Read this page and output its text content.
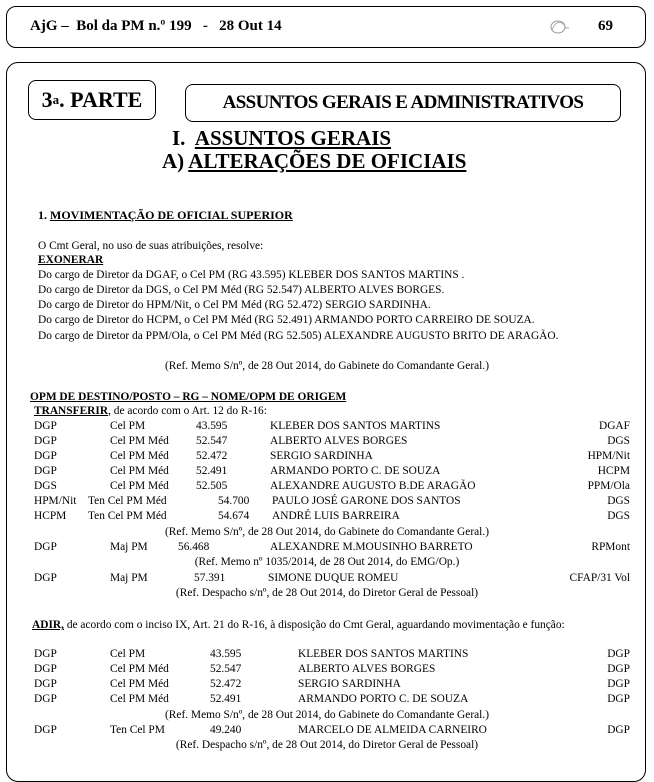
AjG –  Bol da PM n.º 199   -   28 Out 14	69
3 a . PARTE	ASSUNTOS GERAIS E ADMINISTRATIVOS
I. ASSUNTOS GERAIS
A) ALTERAÇÕES DE OFICIAIS
1. MOVIMENTAÇÃO DE OFICIAL SUPERIOR
O Cmt Geral, no uso de suas atribuições, resolve:
EXONERAR
Do cargo de Diretor da DGAF, o Cel PM (RG 43.595) KLEBER DOS SANTOS MARTINS .
Do cargo de Diretor da DGS, o Cel PM Méd (RG 52.547) ALBERTO ALVES BORGES.
Do cargo de Diretor do HPM/Nit, o Cel PM Méd (RG 52.472) SERGIO SARDINHA.
Do cargo de Diretor do HCPM, o Cel PM Méd (RG 52.491) ARMANDO PORTO CARREIRO DE SOUZA.
Do cargo de Diretor da PPM/Ola, o Cel PM Méd (RG 52.505) ALEXANDRE AUGUSTO BRITO DE ARAGÃO.
(Ref. Memo S/nº, de 28 Out 2014, do Gabinete do Comandante Geral.)
OPM DE DESTINO/POSTO – RG – NOME/OPM DE ORIGEM
TRANSFERIR, de acordo com o Art. 12 do R-16:
DGP	Cel PM	43.595	KLEBER DOS SANTOS MARTINS	DGAF
DGP	Cel PM Méd 52.547	ALBERTO ALVES BORGES	DGS
DGP	Cel PM Méd 52.472	SERGIO SARDINHA	HPM/Nit
DGP	Cel PM Méd 52.491	ARMANDO PORTO C. DE SOUZA	HCPM
DGS	Cel PM Méd 52.505	ALEXANDRE AUGUSTO B.DE ARAGÃO	PPM/Ola
HPM/Nit Ten Cel PM Méd	54.700 PAULO JOSÉ GARONE DOS SANTOS	DGS
HCPM Ten Cel PM Méd	54.674 ANDRÉ LUIS BARREIRA	DGS
(Ref. Memo S/nº, de 28 Out 2014, do Gabinete do Comandante Geral.)
DGP	Maj PM	56.468	ALEXANDRE M.MOUSINHO BARRETO	RPMont
(Ref. Memo nº 1035/2014, de 28 Out 2014, do EMG/Op.)
DGP	Maj PM	57.391	SIMONE DUQUE ROMEU	CFAP/31 Vol
(Ref. Despacho s/nº, de 28 Out 2014, do Diretor Geral de Pessoal)
ADIR, de acordo com o inciso IX, Art. 21 do R-16, à disposição do Cmt Geral, aguardando movimentação e função:
DGP	Cel PM	43.595	KLEBER DOS SANTOS MARTINS	DGP
DGP	Cel PM Méd	52.547	ALBERTO ALVES BORGES	DGP
DGP	Cel PM Méd	52.472	SERGIO SARDINHA	DGP
DGP	Cel PM Méd	52.491	ARMANDO PORTO C. DE SOUZA	DGP
(Ref. Memo S/nº, de 28 Out 2014, do Gabinete do Comandante Geral.)
DGP	Ten Cel PM	49.240	MARCELO DE ALMEIDA CARNEIRO	DGP
(Ref. Despacho s/nº, de 28 Out 2014, do Diretor Geral de Pessoal)
